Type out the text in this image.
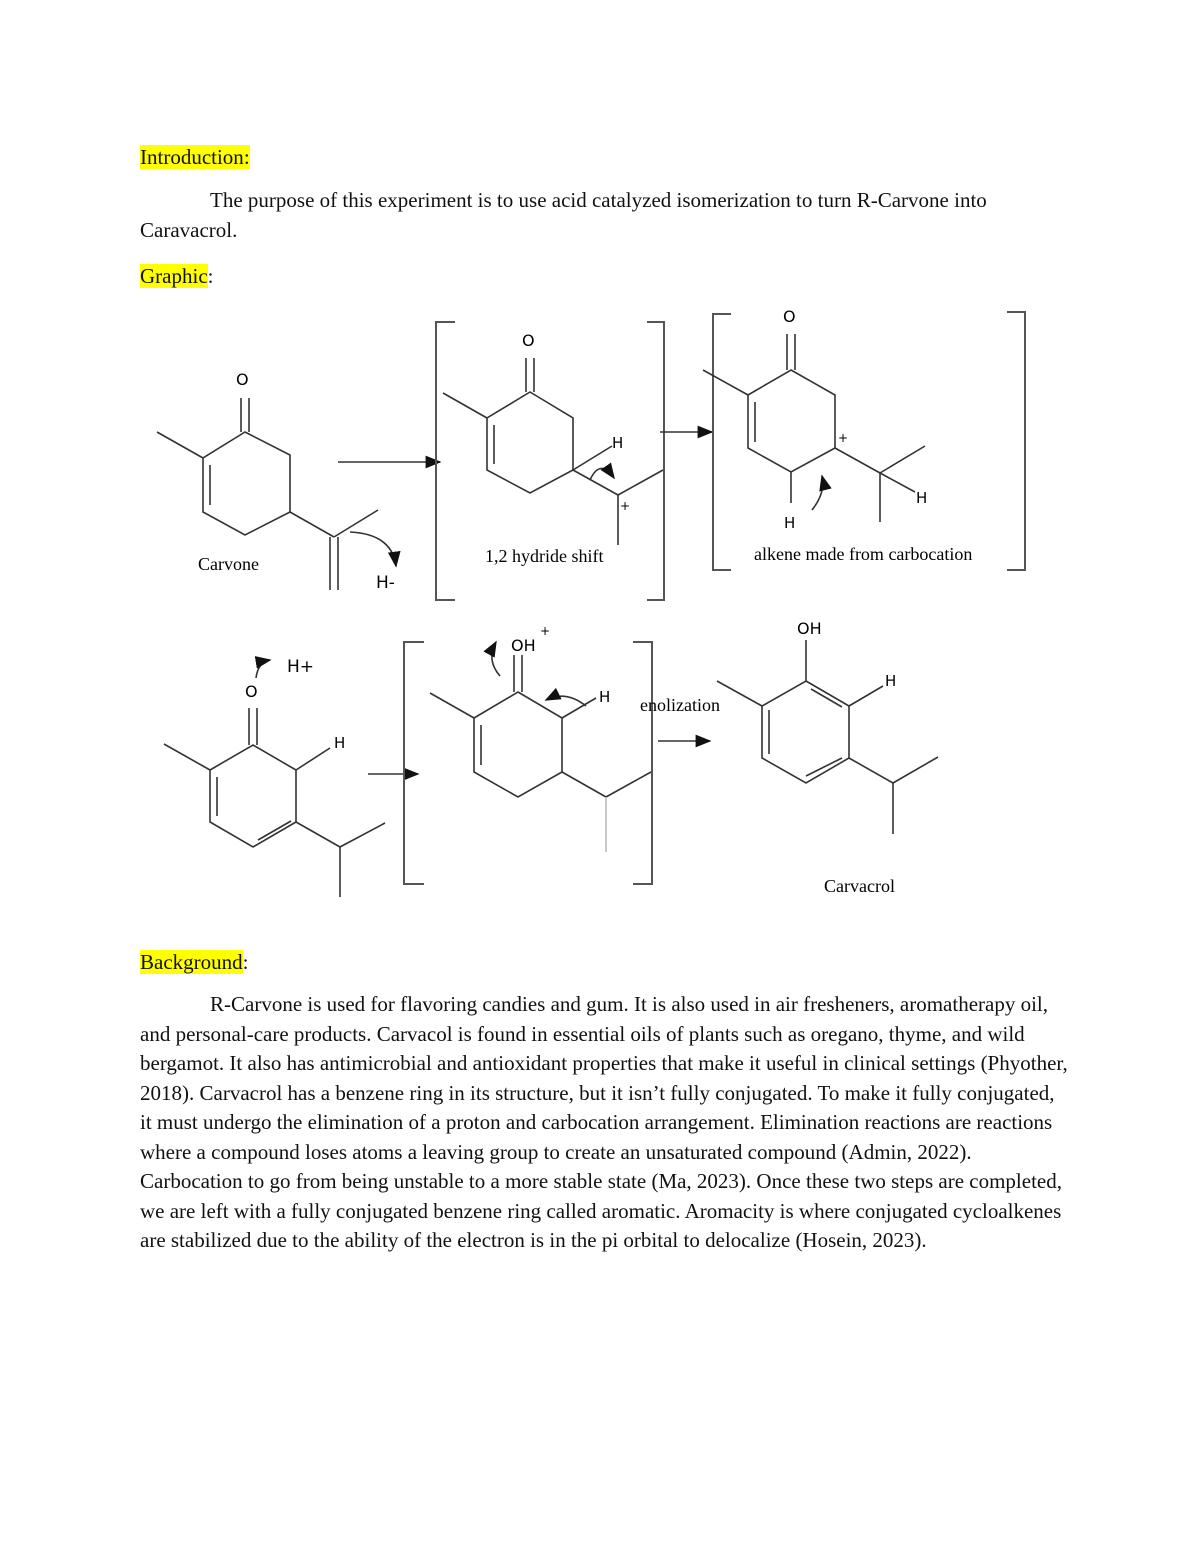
Introduction:
The purpose of this experiment is to use acid catalyzed isomerization to turn R-Carvone into Caravacrol.
Graphic:
O
H-
Carvone
O
H
+
1,2 hydride shift
O
+
H
H
alkene made from carbocation
H+
O
H
OH
+
H enolization
OH
H
Carvacrol
Background:
R-Carvone is used for flavoring candies and gum. It is also used in air fresheners, aromatherapy oil, and personal-care products. Carvacol is found in essential oils of plants such as oregano, thyme, and wild bergamot. It also has antimicrobial and antioxidant properties that make it useful in clinical settings (Phyother, 2018). Carvacrol has a benzene ring in its structure, but it isn’t fully conjugated. To make it fully conjugated, it must undergo the elimination of a proton and carbocation arrangement. Elimination reactions are reactions where a compound loses atoms a leaving group to create an unsaturated compound (Admin, 2022). Carbocation to go from being unstable to a more stable state (Ma, 2023). Once these two steps are completed, we are left with a fully conjugated benzene ring called aromatic. Aromacity is where conjugated cycloalkenes are stabilized due to the ability of the electron is in the pi orbital to delocalize (Hosein, 2023).
